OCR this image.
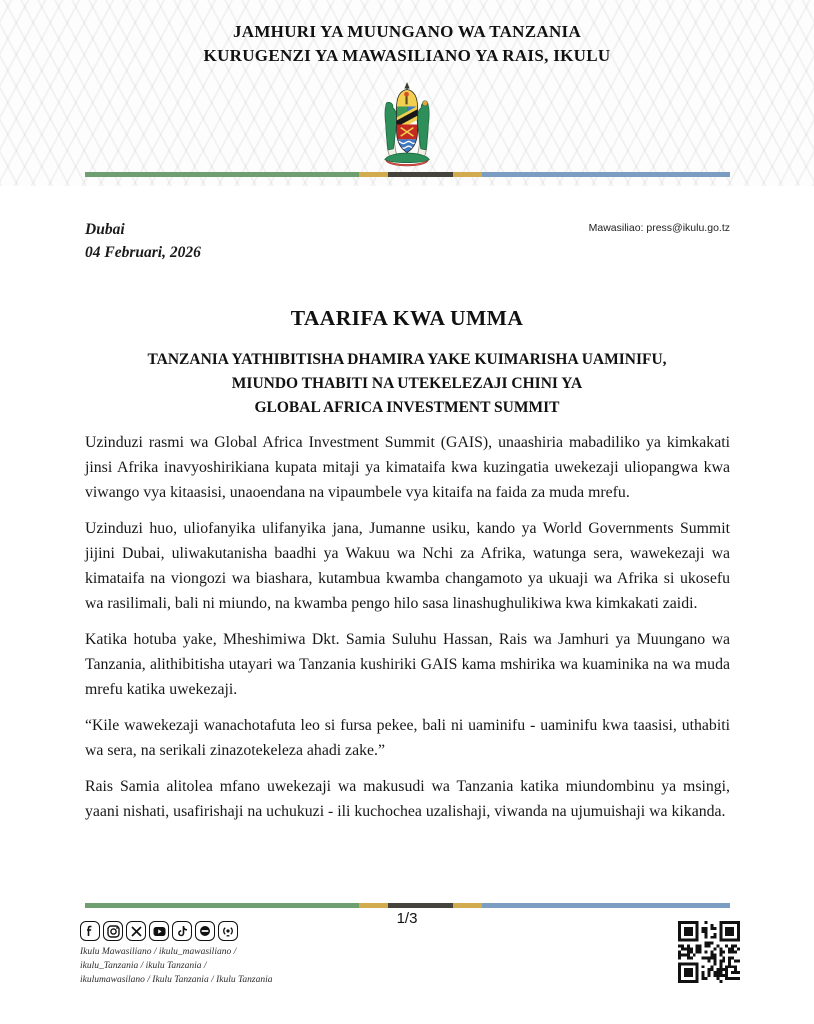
JAMHURI YA MUUNGANO WA TANZANIA
KURUGENZI YA MAWASILIANO YA RAIS, IKULU
Dubai
04 Februari, 2026
Mawasiliao: press@ikulu.go.tz
TAARIFA KWA UMMA
TANZANIA YATHIBITISHA DHAMIRA YAKE KUIMARISHA UAMINIFU,
MIUNDO THABITI NA UTEKELEZAJI CHINI YA
GLOBAL AFRICA INVESTMENT SUMMIT

Uzinduzi rasmi wa Global Africa Investment Summit (GAIS), unaashiria mabadiliko ya kimkakati jinsi Afrika inavyoshirikiana kupata mitaji ya kimataifa kwa kuzingatia uwekezaji uliopangwa kwa viwango vya kitaasisi, unaoendana na vipaumbele vya kitaifa na faida za muda mrefu.

Uzinduzi huo, uliofanyika ulifanyika jana, Jumanne usiku, kando ya World Governments Summit jijini Dubai, uliwakutanisha baadhi ya Wakuu wa Nchi za Afrika, watunga sera, wawekezaji wa kimataifa na viongozi wa biashara, kutambua kwamba changamoto ya ukuaji wa Afrika si ukosefu wa rasilimali, bali ni miundo, na kwamba pengo hilo sasa linashughulikiwa kwa kimkakati zaidi.

Katika hotuba yake, Mheshimiwa Dkt. Samia Suluhu Hassan, Rais wa Jamhuri ya Muungano wa Tanzania, alithibitisha utayari wa Tanzania kushiriki GAIS kama mshirika wa kuaminika na wa muda mrefu katika uwekezaji.

“Kile wawekezaji wanachotafuta leo si fursa pekee, bali ni uaminifu - uaminifu kwa taasisi, uthabiti wa sera, na serikali zinazotekeleza ahadi zake.”

Rais Samia alitolea mfano uwekezaji wa makusudi wa Tanzania katika miundombinu ya msingi, yaani nishati, usafirishaji na uchukuzi - ili kuchochea uzalishaji, viwanda na ujumuishaji wa kikanda.

1/3
Ikulu Mawasiliano / ikulu_mawasiliano /
ikulu_Tanzania / ikulu Tanzania /
ikulumawasilano / Ikulu Tanzania / Ikulu Tanzania
